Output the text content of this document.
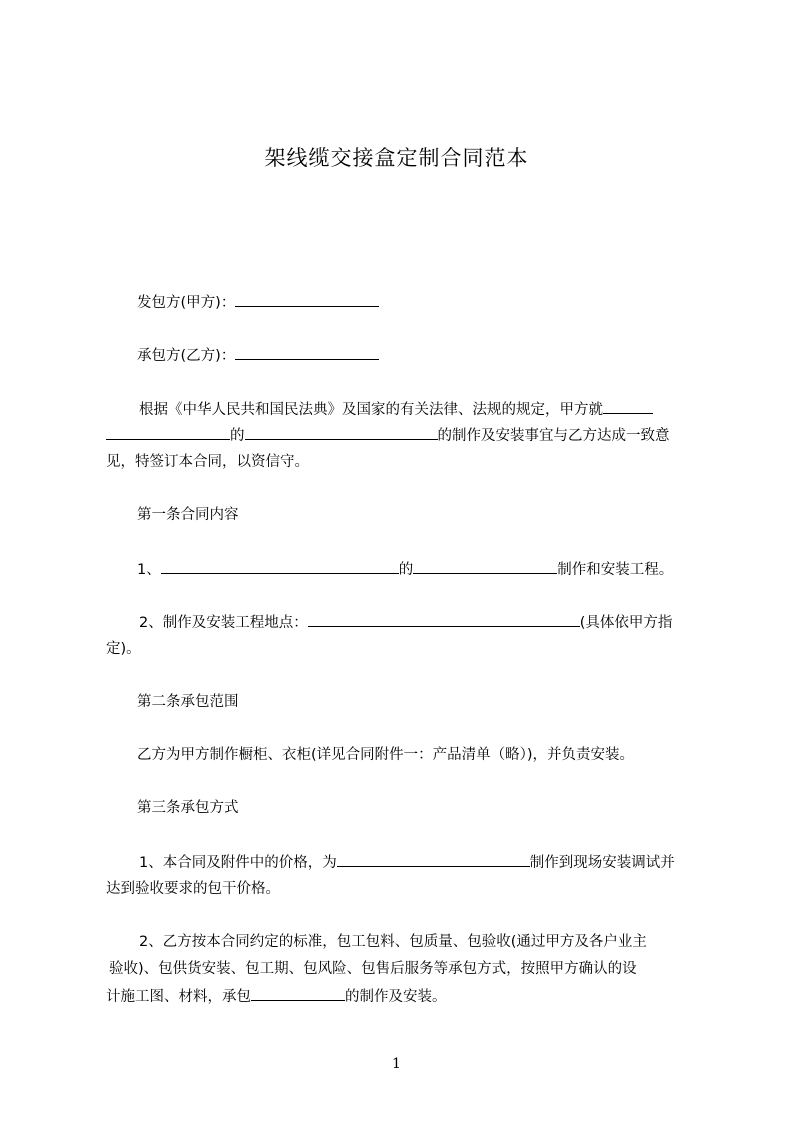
架线缆交接盒定制合同范本
发包方(甲方)：
承包方(乙方)：
根据《中华人民共和国民法典》及国家的有关法律、法规的规定，甲方就
的	的制作及安装事宜与乙方达成一致意
见，特签订本合同，以资信守。
第一条合同内容
1、	的	制作和安装工程。
2、制作及安装工程地点：	(具体依甲方指
定)。
第二条承包范围
乙方为甲方制作橱柜、衣柜(详见合同附件一：产品清单（略）)，并负责安装。
第三条承包方式
1、本合同及附件中的价格，为	制作到现场安装调试并
达到验收要求的包干价格。
2、乙方按本合同约定的标准，包工包料、包质量、包验收(通过甲方及各户业主
验收)、包供货安装、包工期、包风险、包售后服务等承包方式，按照甲方确认的设
计施工图、材料，承包	的制作及安装。
1
